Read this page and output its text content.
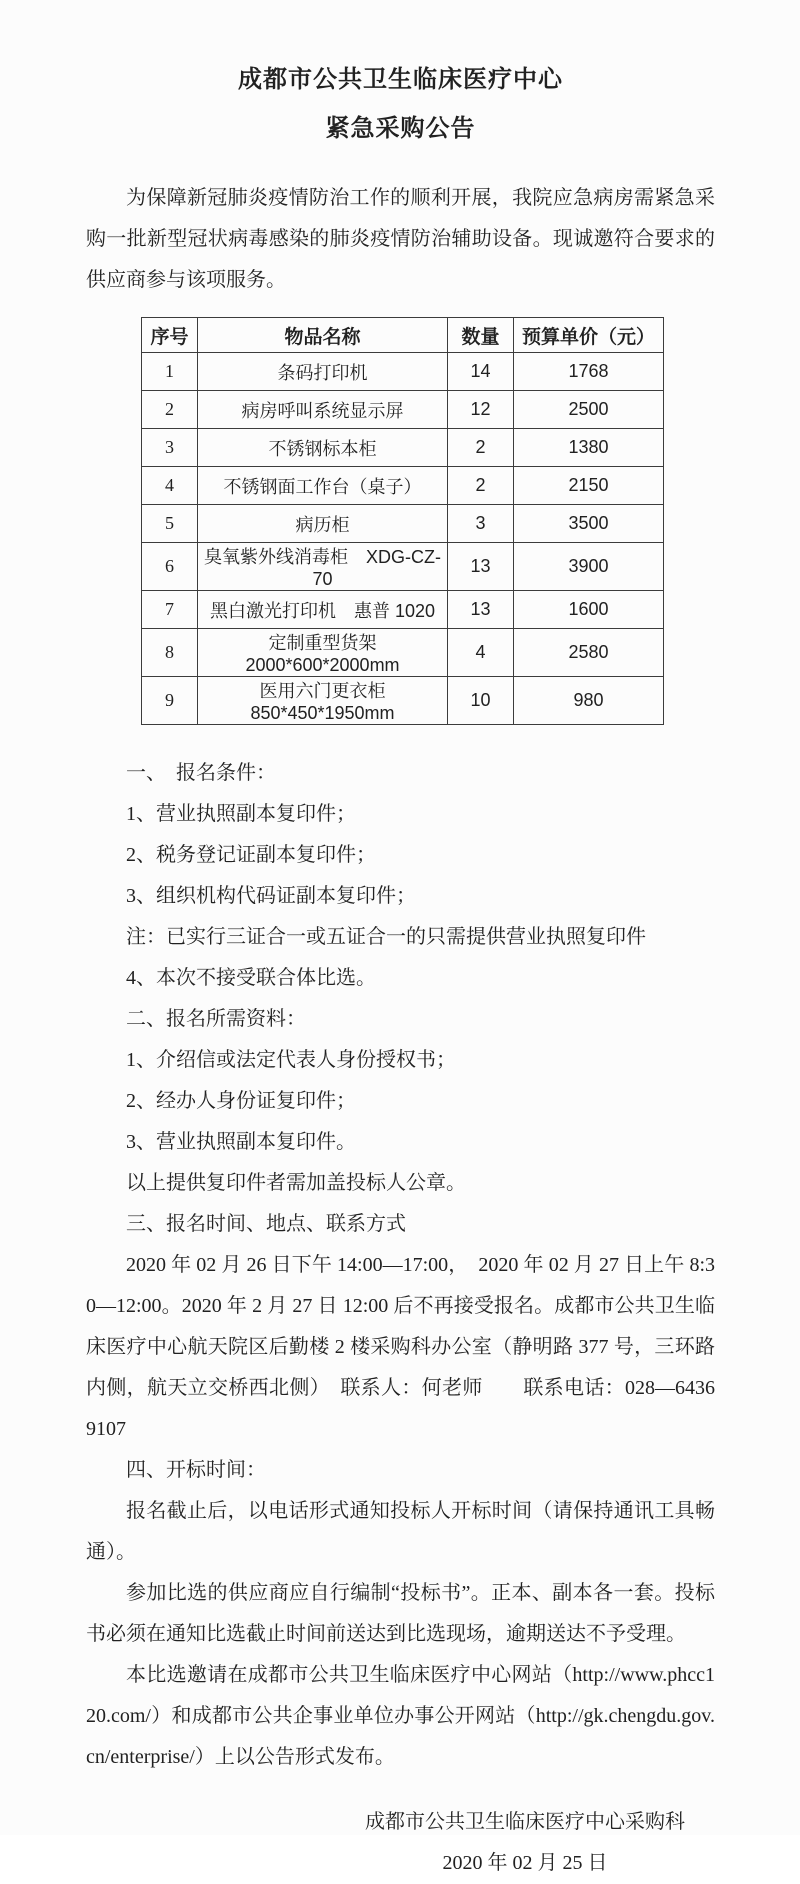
成都市公共卫生临床医疗中心
紧急采购公告

为保障新冠肺炎疫情防治工作的顺利开展，我院应急病房需紧急采购一批新型冠状病毒感染的肺炎疫情防治辅助设备。现诚邀符合要求的供应商参与该项服务。

序号	物品名称	数量	预算单价（元）
1	条码打印机	14	1768
2	病房呼叫系统显示屏	12	2500
3	不锈钢标本柜	2	1380
4	不锈钢面工作台（桌子）	2	2150
5	病历柜	3	3500
6	臭氧紫外线消毒柜　XDG-CZ-70	13	3900
7	黑白激光打印机　惠普 1020	13	1600
8	定制重型货架 2000*600*2000mm	4	2580
9	医用六门更衣柜 850*450*1950mm	10	980

一、　报名条件：

1、营业执照副本复印件；

2、税务登记证副本复印件；

3、组织机构代码证副本复印件；

注：已实行三证合一或五证合一的只需提供营业执照复印件

4、本次不接受联合体比选。

二、报名所需资料：

1、介绍信或法定代表人身份授权书；

2、经办人身份证复印件；

3、营业执照副本复印件。

以上提供复印件者需加盖投标人公章。

三、报名时间、地点、联系方式

2020 年 02 月 26 日下午 14:00—17:00，　2020 年 02 月 27 日上午 8:30—12:00。2020 年 2 月 27 日 12:00 后不再接受报名。成都市公共卫生临床医疗中心航天院区后勤楼 2 楼采购科办公室（静明路 377 号，三环路内侧，航天立交桥西北侧）　联系人：何老师　　联系电话：028—64369107

四、开标时间：

报名截止后，以电话形式通知投标人开标时间（请保持通讯工具畅通）。

参加比选的供应商应自行编制“投标书”。正本、副本各一套。投标书必须在通知比选截止时间前送达到比选现场，逾期送达不予受理。

本比选邀请在成都市公共卫生临床医疗中心网站（http://www.phcc120.com/）和成都市公共企事业单位办事公开网站（http://gk.chengdu.gov.cn/enterprise/）上以公告形式发布。

成都市公共卫生临床医疗中心采购科

2020 年 02 月 25 日
